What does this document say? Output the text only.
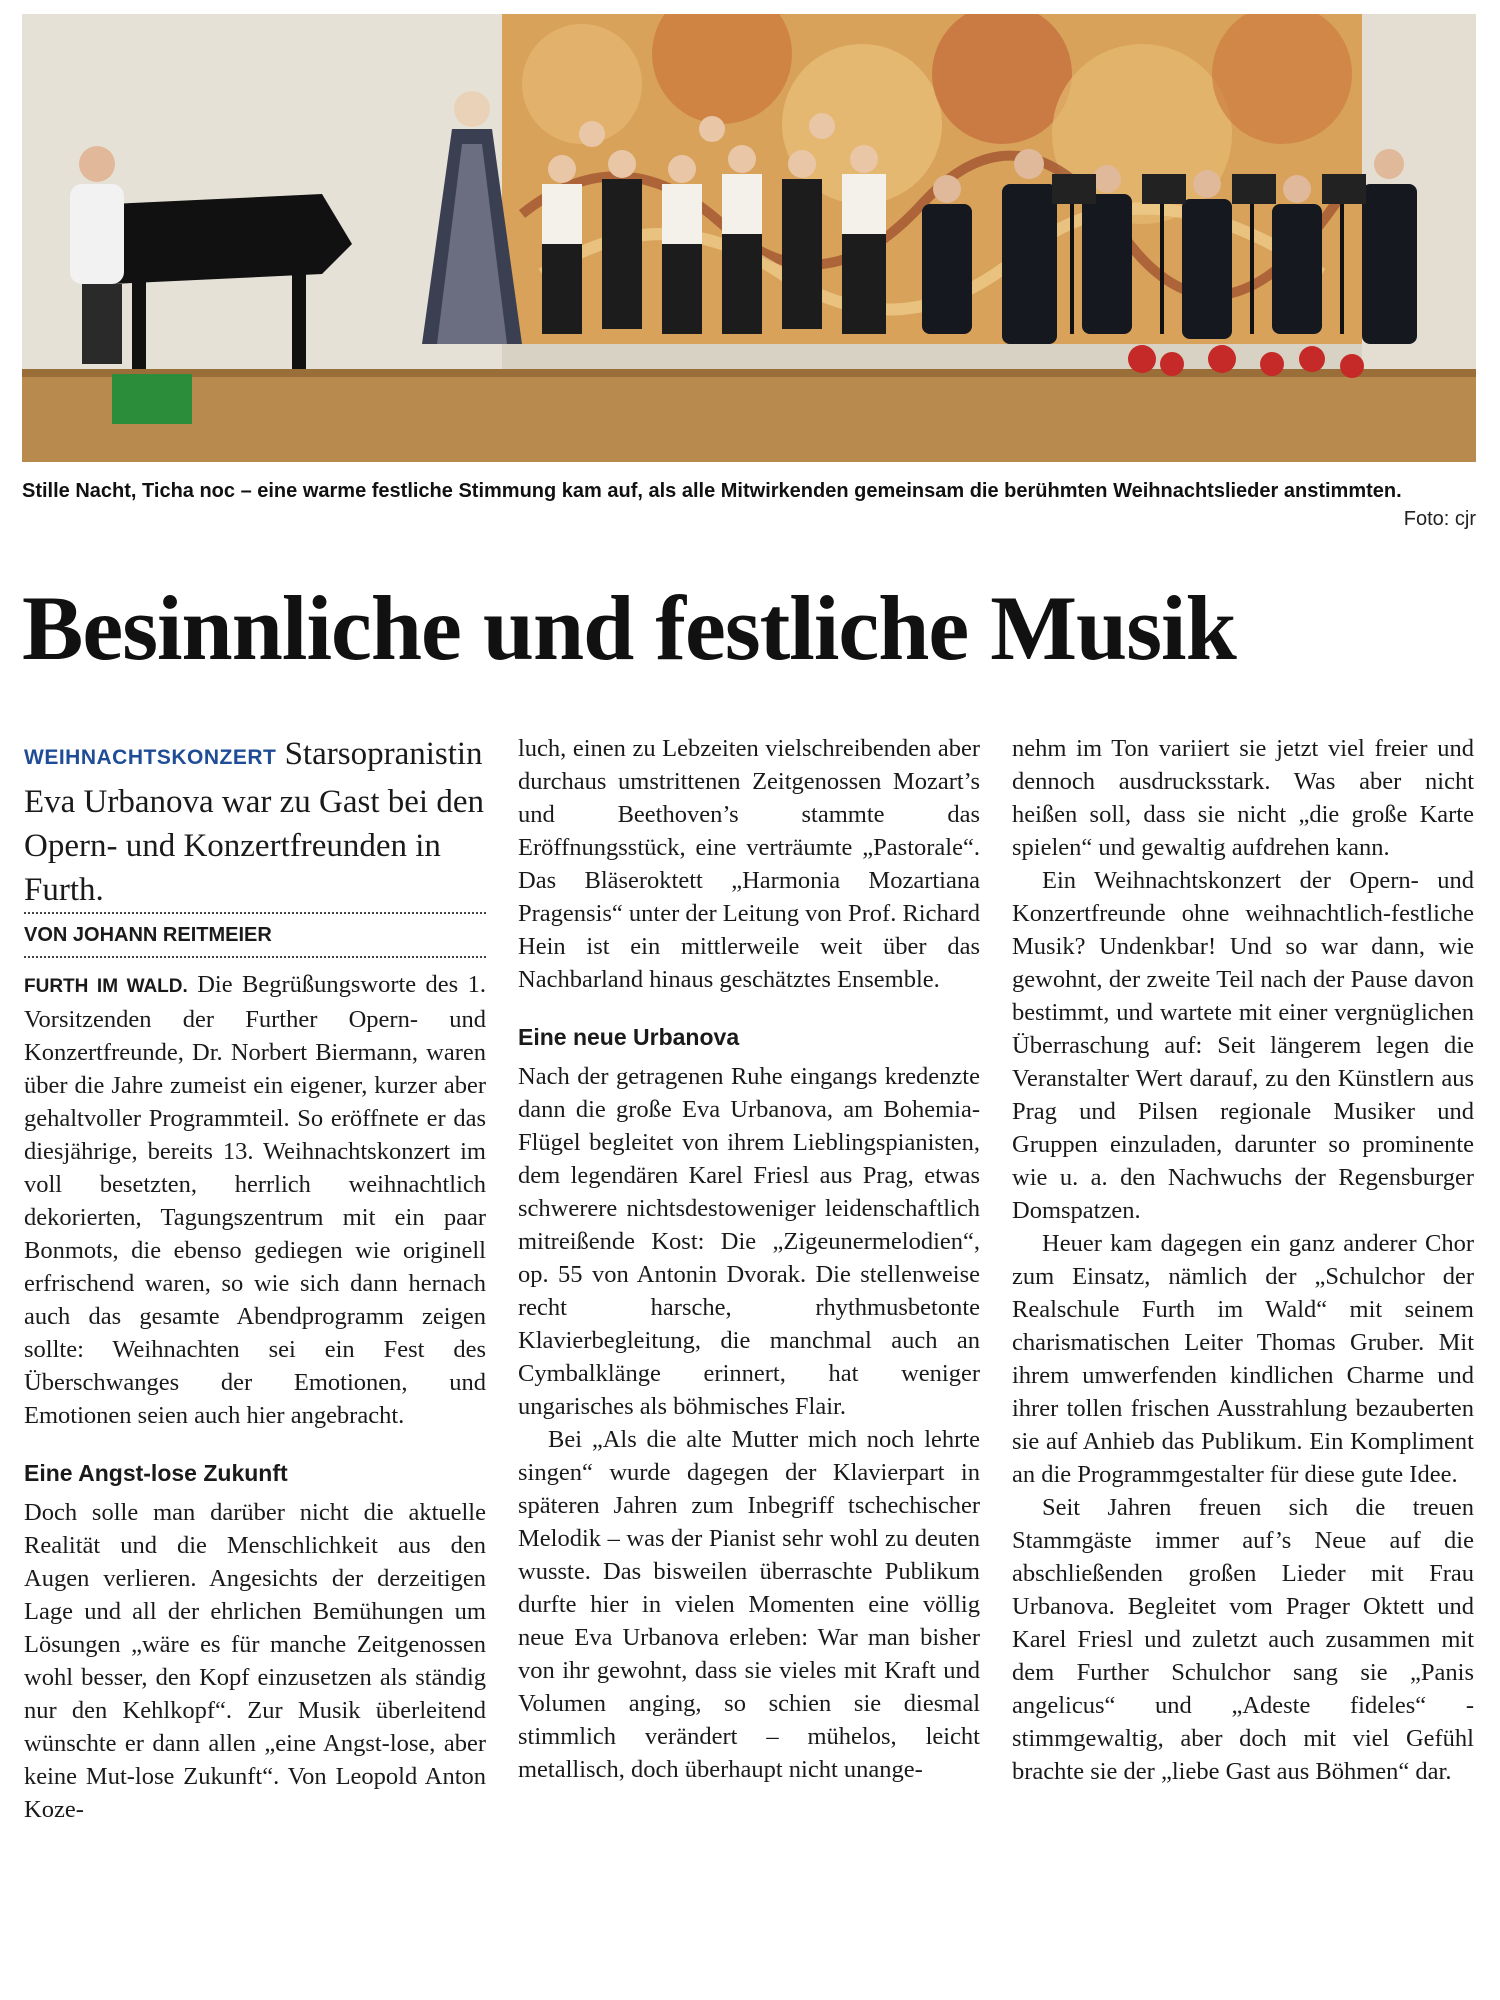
Stille Nacht, Ticha noc – eine warme festliche Stimmung kam auf, als alle Mitwirkenden gemeinsam die berühmten Weihnachtslieder anstimmten.
Foto: cjr
Besinnliche und festliche Musik

WEIHNACHTSKONZERT Starsopranistin Eva Urbanova war zu Gast bei den Opern- und Konzertfreunden in Furth.

VON JOHANN REITMEIER

FURTH IM WALD. Die Begrüßungsworte des 1. Vorsitzenden der Further Opern- und Konzertfreunde, Dr. Norbert Biermann, waren über die Jahre zumeist ein eigener, kurzer aber gehaltvoller Programmteil. So eröffnete er das diesjährige, bereits 13. Weihnachtskonzert im voll besetzten, herrlich weihnachtlich dekorierten, Tagungszentrum mit ein paar Bonmots, die ebenso gediegen wie originell erfrischend waren, so wie sich dann hernach auch das gesamte Abendprogramm zeigen sollte: Weihnachten sei ein Fest des Überschwanges der Emotionen, und Emotionen seien auch hier angebracht.

Eine Angst-lose Zukunft

Doch solle man darüber nicht die aktuelle Realität und die Menschlichkeit aus den Augen verlieren. Angesichts der derzeitigen Lage und all der ehrlichen Bemühungen um Lösungen „wäre es für manche Zeitgenossen wohl besser, den Kopf einzusetzen als ständig nur den Kehlkopf“. Zur Musik überleitend wünschte er dann allen „eine Angst-lose, aber keine Mut-lose Zukunft“. Von Leopold Anton Koze-

luch, einen zu Lebzeiten vielschreibenden aber durchaus umstrittenen Zeitgenossen Mozart’s und Beethoven’s stammte das Eröffnungsstück, eine verträumte „Pastorale“. Das Bläseroktett „Harmonia Mozartiana Pragensis“ unter der Leitung von Prof. Richard Hein ist ein mittlerweile weit über das Nachbarland hinaus geschätztes Ensemble.

Eine neue Urbanova

Nach der getragenen Ruhe eingangs kredenzte dann die große Eva Urbanova, am Bohemia-Flügel begleitet von ihrem Lieblingspianisten, dem legendären Karel Friesl aus Prag, etwas schwerere nichtsdestoweniger leidenschaftlich mitreißende Kost: Die „Zigeunermelodien“, op. 55 von Antonin Dvorak. Die stellenweise recht harsche, rhythmusbetonte Klavierbegleitung, die manchmal auch an Cymbalklänge erinnert, hat weniger ungarisches als böhmisches Flair.

Bei „Als die alte Mutter mich noch lehrte singen“ wurde dagegen der Klavierpart in späteren Jahren zum Inbegriff tschechischer Melodik – was der Pianist sehr wohl zu deuten wusste. Das bisweilen überraschte Publikum durfte hier in vielen Momenten eine völlig neue Eva Urbanova erleben: War man bisher von ihr gewohnt, dass sie vieles mit Kraft und Volumen anging, so schien sie diesmal stimmlich verändert – mühelos, leicht metallisch, doch überhaupt nicht unange-

nehm im Ton variiert sie jetzt viel freier und dennoch ausdrucksstark. Was aber nicht heißen soll, dass sie nicht „die große Karte spielen“ und gewaltig aufdrehen kann.

Ein Weihnachtskonzert der Opern- und Konzertfreunde ohne weihnachtlich-festliche Musik? Undenkbar! Und so war dann, wie gewohnt, der zweite Teil nach der Pause davon bestimmt, und wartete mit einer vergnüglichen Überraschung auf: Seit längerem legen die Veranstalter Wert darauf, zu den Künstlern aus Prag und Pilsen regionale Musiker und Gruppen einzuladen, darunter so prominente wie u. a. den Nachwuchs der Regensburger Domspatzen.

Heuer kam dagegen ein ganz anderer Chor zum Einsatz, nämlich der „Schulchor der Realschule Furth im Wald“ mit seinem charismatischen Leiter Thomas Gruber. Mit ihrem umwerfenden kindlichen Charme und ihrer tollen frischen Ausstrahlung bezauberten sie auf Anhieb das Publikum. Ein Kompliment an die Programmgestalter für diese gute Idee.

Seit Jahren freuen sich die treuen Stammgäste immer auf’s Neue auf die abschließenden großen Lieder mit Frau Urbanova. Begleitet vom Prager Oktett und Karel Friesl und zuletzt auch zusammen mit dem Further Schulchor sang sie „Panis angelicus“ und „Adeste fideles“ - stimmgewaltig, aber doch mit viel Gefühl brachte sie der „liebe Gast aus Böhmen“ dar.
